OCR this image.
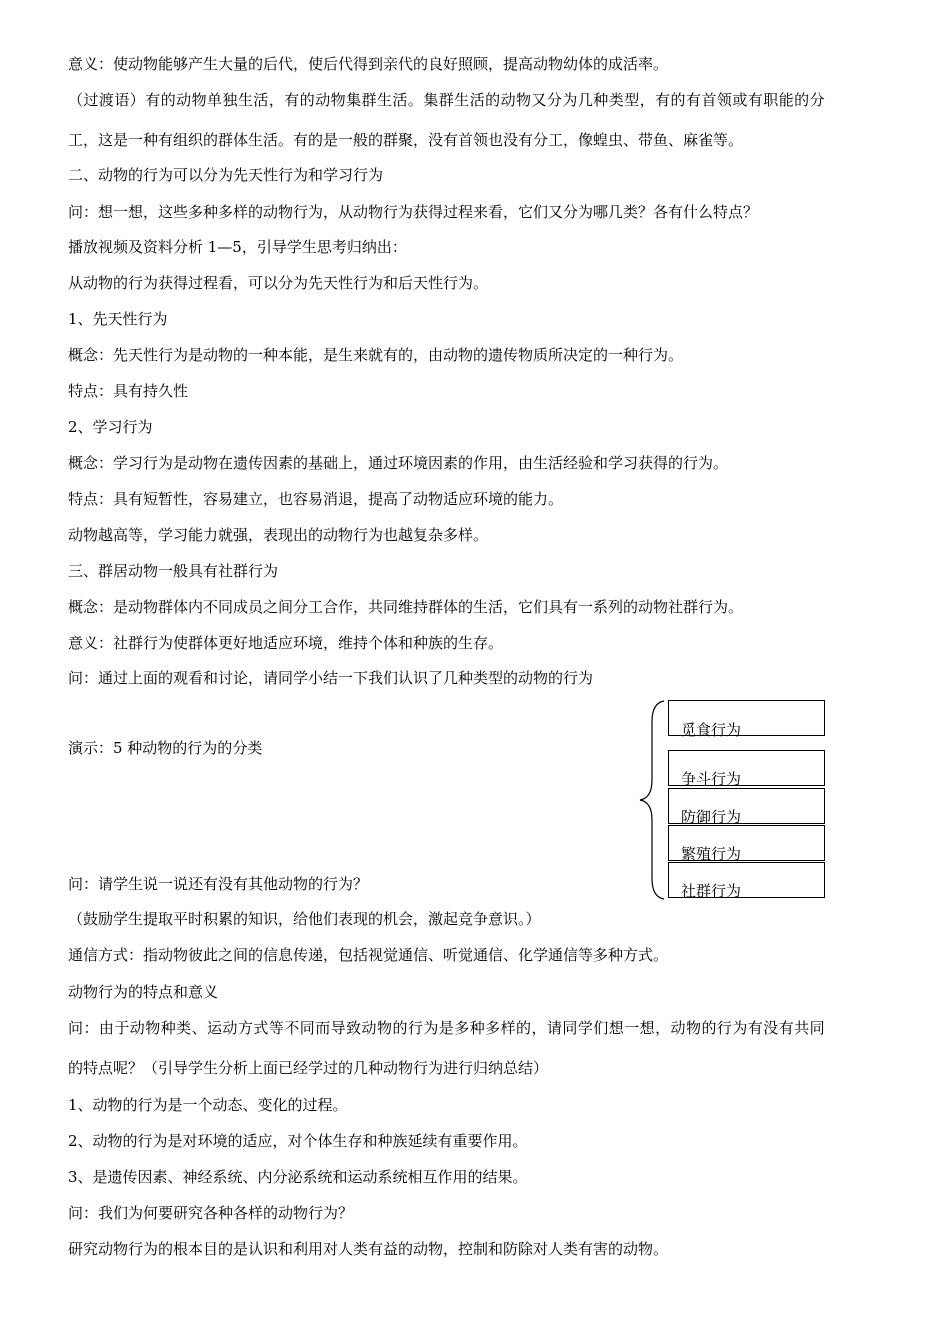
意义：使动物能够产生大量的后代，使后代得到亲代的良好照顾，提高动物幼体的成活率。
（过渡语）有的动物单独生活，有的动物集群生活。集群生活的动物又分为几种类型，有的有首领或有职能的分
工，这是一种有组织的群体生活。有的是一般的群聚，没有首领也没有分工，像蝗虫、带鱼、麻雀等。
二、动物的行为可以分为先天性行为和学习行为
问：想一想，这些多种多样的动物行为，从动物行为获得过程来看，它们又分为哪几类？各有什么特点？
播放视频及资料分析 1—5，引导学生思考归纳出：
从动物的行为获得过程看，可以分为先天性行为和后天性行为。
1、先天性行为
概念：先天性行为是动物的一种本能，是生来就有的，由动物的遗传物质所决定的一种行为。
特点：具有持久性
2、学习行为
概念：学习行为是动物在遗传因素的基础上，通过环境因素的作用，由生活经验和学习获得的行为。
特点：具有短暂性，容易建立，也容易消退，提高了动物适应环境的能力。
动物越高等，学习能力就强，表现出的动物行为也越复杂多样。
三、群居动物一般具有社群行为
概念：是动物群体内不同成员之间分工合作，共同维持群体的生活，它们具有一系列的动物社群行为。
意义：社群行为使群体更好地适应环境，维持个体和种族的生存。
问：通过上面的观看和讨论，请同学小结一下我们认识了几种类型的动物的行为
演示：5 种动物的行为的分类
问：请学生说一说还有没有其他动物的行为？
（鼓励学生提取平时积累的知识，给他们表现的机会，激起竞争意识。）
通信方式：指动物彼此之间的信息传递，包括视觉通信、听觉通信、化学通信等多种方式。
动物行为的特点和意义
问：由于动物种类、运动方式等不同而导致动物的行为是多种多样的，请同学们想一想，动物的行为有没有共同
的特点呢？（引导学生分析上面已经学过的几种动物行为进行归纳总结）
1、动物的行为是一个动态、变化的过程。
2、动物的行为是对环境的适应，对个体生存和种族延续有重要作用。
3、是遗传因素、神经系统、内分泌系统和运动系统相互作用的结果。
问：我们为何要研究各种各样的动物行为？
研究动物行为的根本目的是认识和利用对人类有益的动物，控制和防除对人类有害的动物。
觅食行为
争斗行为
防御行为
繁殖行为
社群行为
